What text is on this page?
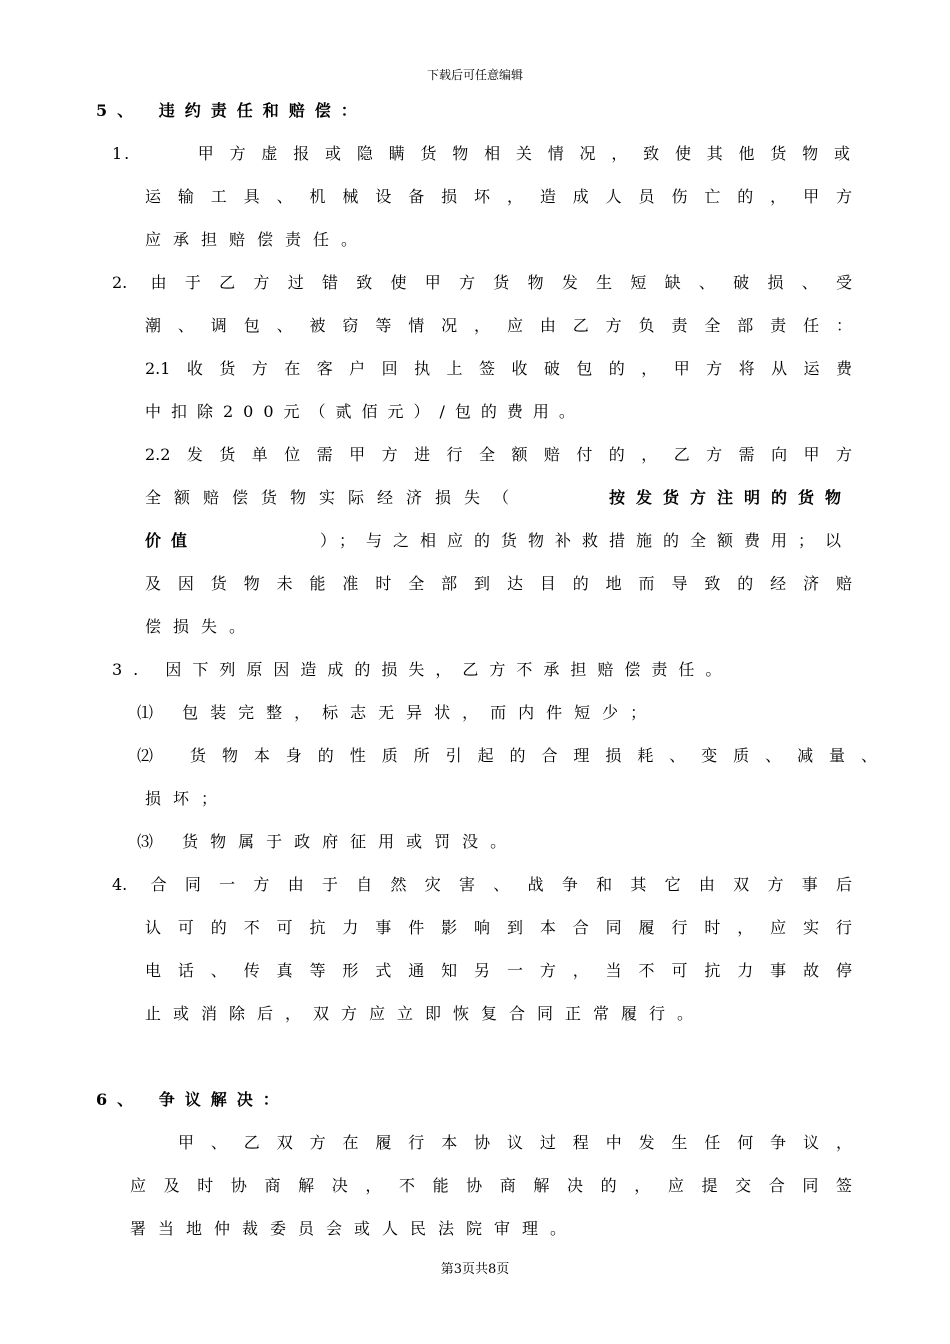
下载后可任意编辑
5、 违约责任和赔偿：
1.　 甲方虚报或隐瞒货物相关情况，致使其他货物或
运输工具、机械设备损坏，造成人员伤亡的，甲方
应承担赔偿责任。
2. 由于乙方过错致使甲方货物发生短缺、破损、受
潮、调包、被窃等情况，应由乙方负责全部责任：
2.1收货方在客户回执上签收破包的，甲方将从运费
中扣除200元（贰佰元）/包的费用。
2.2发货单位需甲方进行全额赔付的，乙方需向甲方
全额赔偿货物实际经济损失（	按发货方注明的货物
价值	）；与之相应的货物补救措施的全额费用；以
及因货物未能准时全部到达目的地而导致的经济赔
偿损失。
3. 因下列原因造成的损失，乙方不承担赔偿责任。
⑴ 包装完整，标志无异状，而内件短少；
⑵ 货物本身的性质所引起的合理损耗、变质、减量、
损坏；
⑶ 货物属于政府征用或罚没。
4. 合同一方由于自然灾害、战争和其它由双方事后
认可的不可抗力事件影响到本合同履行时，应实行
电话、传真等形式通知另一方，当不可抗力事故停
止或消除后，双方应立即恢复合同正常履行。
6、 争议解决：
甲、乙双方在履行本协议过程中发生任何争议，
应及时协商解决，不能协商解决的，应提交合同签
署当地仲裁委员会或人民法院审理。
第3页共8页
